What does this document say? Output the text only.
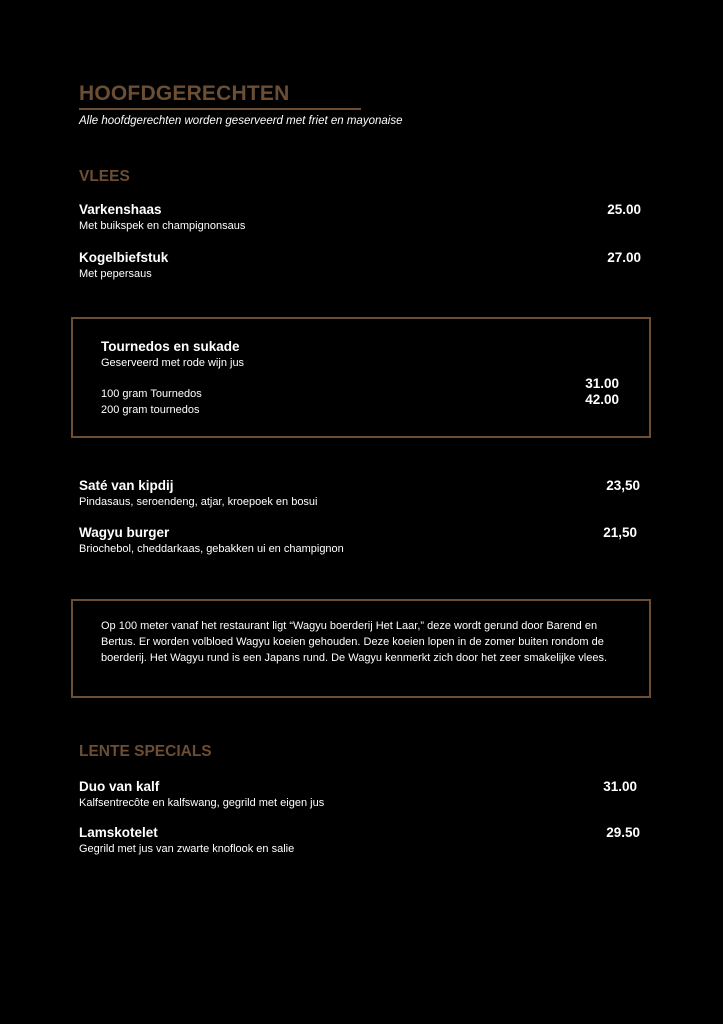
HOOFDGERECHTEN
Alle hoofdgerechten worden geserveerd met friet en mayonaise
VLEES
Varkenshaas
Met buikspek en champignonsaus
25.00
Kogelbiefstuk
Met pepersaus
27.00
Tournedos en sukade
Geserveerd met rode wijn jus
100 gram Tournedos
200 gram tournedos
31.00
42.00
Saté van kipdij
Pindasaus, seroendeng, atjar, kroepoek en bosui
23,50
Wagyu burger
Briochebol, cheddarkaas, gebakken ui en champignon
21,50
Op 100 meter vanaf het restaurant ligt “Wagyu boerderij Het Laar,” deze wordt gerund door Barend en Bertus. Er worden volbloed Wagyu koeien gehouden. Deze koeien lopen in de zomer buiten rondom de boerderij. Het Wagyu rund is een Japans rund. De Wagyu kenmerkt zich door het zeer smakelijke vlees.
LENTE SPECIALS
Duo van kalf
Kalfsentrecôte en kalfswang, gegrild met eigen jus
31.00
Lamskotelet
Gegrild met jus van zwarte knoflook en salie
29.50
